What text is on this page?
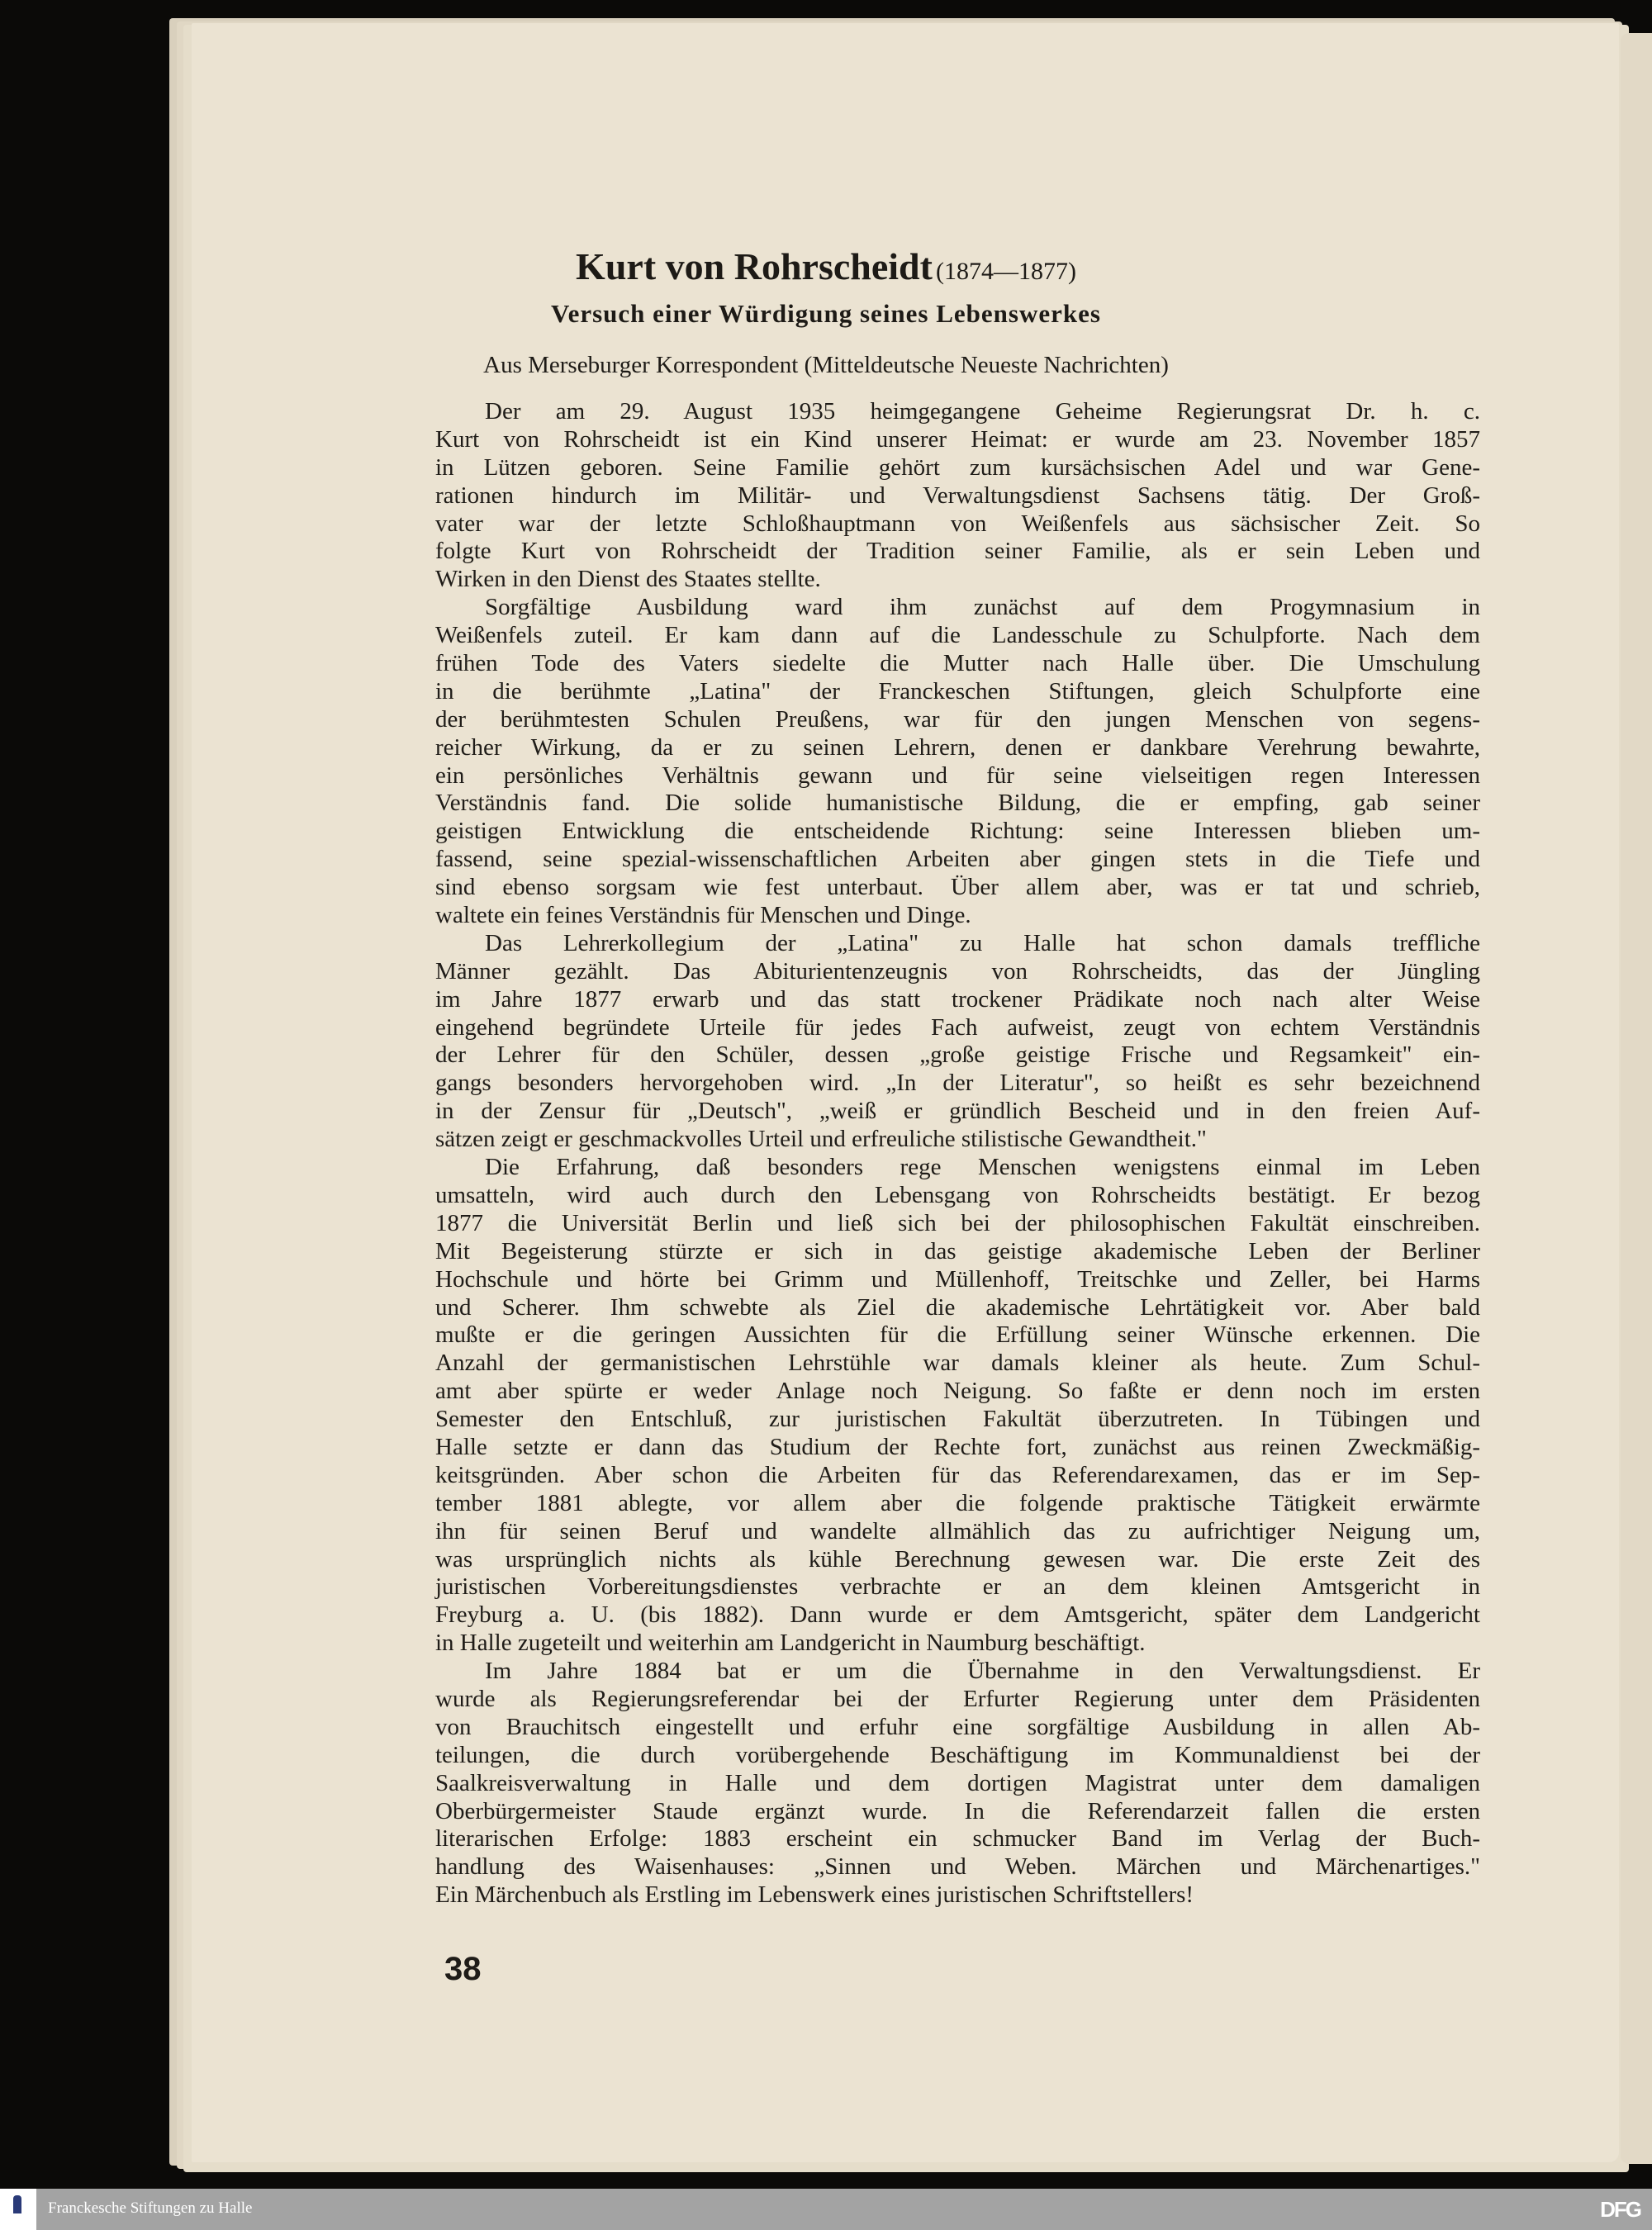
Kurt von Rohrscheidt (1874—1877)
Versuch einer Würdigung seines Lebenswerkes
Aus Merseburger Korrespondent (Mitteldeutsche Neueste Nachrichten)
Der am 29. August 1935 heimgegangene Geheime Regierungsrat Dr. h. c.
Kurt von Rohrscheidt ist ein Kind unserer Heimat: er wurde am 23. November 1857
in Lützen geboren. Seine Familie gehört zum kursächsischen Adel und war Gene-
rationen hindurch im Militär- und Verwaltungsdienst Sachsens tätig. Der Groß-
vater war der letzte Schloßhauptmann von Weißenfels aus sächsischer Zeit. So
folgte Kurt von Rohrscheidt der Tradition seiner Familie, als er sein Leben und
Wirken in den Dienst des Staates stellte.
Sorgfältige Ausbildung ward ihm zunächst auf dem Progymnasium in
Weißenfels zuteil. Er kam dann auf die Landesschule zu Schulpforte. Nach dem
frühen Tode des Vaters siedelte die Mutter nach Halle über. Die Umschulung
in die berühmte „Latina" der Franckeschen Stiftungen, gleich Schulpforte eine
der berühmtesten Schulen Preußens, war für den jungen Menschen von segens-
reicher Wirkung, da er zu seinen Lehrern, denen er dankbare Verehrung bewahrte,
ein persönliches Verhältnis gewann und für seine vielseitigen regen Interessen
Verständnis fand. Die solide humanistische Bildung, die er empfing, gab seiner
geistigen Entwicklung die entscheidende Richtung: seine Interessen blieben um-
fassend, seine spezial-wissenschaftlichen Arbeiten aber gingen stets in die Tiefe und
sind ebenso sorgsam wie fest unterbaut. Über allem aber, was er tat und schrieb,
waltete ein feines Verständnis für Menschen und Dinge.
Das Lehrerkollegium der „Latina" zu Halle hat schon damals treffliche
Männer gezählt. Das Abiturientenzeugnis von Rohrscheidts, das der Jüngling
im Jahre 1877 erwarb und das statt trockener Prädikate noch nach alter Weise
eingehend begründete Urteile für jedes Fach aufweist, zeugt von echtem Verständnis
der Lehrer für den Schüler, dessen „große geistige Frische und Regsamkeit" ein-
gangs besonders hervorgehoben wird. „In der Literatur", so heißt es sehr bezeichnend
in der Zensur für „Deutsch", „weiß er gründlich Bescheid und in den freien Auf-
sätzen zeigt er geschmackvolles Urteil und erfreuliche stilistische Gewandtheit."
Die Erfahrung, daß besonders rege Menschen wenigstens einmal im Leben
umsatteln, wird auch durch den Lebensgang von Rohrscheidts bestätigt. Er bezog
1877 die Universität Berlin und ließ sich bei der philosophischen Fakultät einschreiben.
Mit Begeisterung stürzte er sich in das geistige akademische Leben der Berliner
Hochschule und hörte bei Grimm und Müllenhoff, Treitschke und Zeller, bei Harms
und Scherer. Ihm schwebte als Ziel die akademische Lehrtätigkeit vor. Aber bald
mußte er die geringen Aussichten für die Erfüllung seiner Wünsche erkennen. Die
Anzahl der germanistischen Lehrstühle war damals kleiner als heute. Zum Schul-
amt aber spürte er weder Anlage noch Neigung. So faßte er denn noch im ersten
Semester den Entschluß, zur juristischen Fakultät überzutreten. In Tübingen und
Halle setzte er dann das Studium der Rechte fort, zunächst aus reinen Zweckmäßig-
keitsgründen. Aber schon die Arbeiten für das Referendarexamen, das er im Sep-
tember 1881 ablegte, vor allem aber die folgende praktische Tätigkeit erwärmte
ihn für seinen Beruf und wandelte allmählich das zu aufrichtiger Neigung um,
was ursprünglich nichts als kühle Berechnung gewesen war. Die erste Zeit des
juristischen Vorbereitungsdienstes verbrachte er an dem kleinen Amtsgericht in
Freyburg a. U. (bis 1882). Dann wurde er dem Amtsgericht, später dem Landgericht
in Halle zugeteilt und weiterhin am Landgericht in Naumburg beschäftigt.
Im Jahre 1884 bat er um die Übernahme in den Verwaltungsdienst. Er
wurde als Regierungsreferendar bei der Erfurter Regierung unter dem Präsidenten
von Brauchitsch eingestellt und erfuhr eine sorgfältige Ausbildung in allen Ab-
teilungen, die durch vorübergehende Beschäftigung im Kommunaldienst bei der
Saalkreisverwaltung in Halle und dem dortigen Magistrat unter dem damaligen
Oberbürgermeister Staude ergänzt wurde. In die Referendarzeit fallen die ersten
literarischen Erfolge: 1883 erscheint ein schmucker Band im Verlag der Buch-
handlung des Waisenhauses: „Sinnen und Weben. Märchen und Märchenartiges."
Ein Märchenbuch als Erstling im Lebenswerk eines juristischen Schriftstellers!
38
Franckesche Stiftungen zu Halle	DFG
